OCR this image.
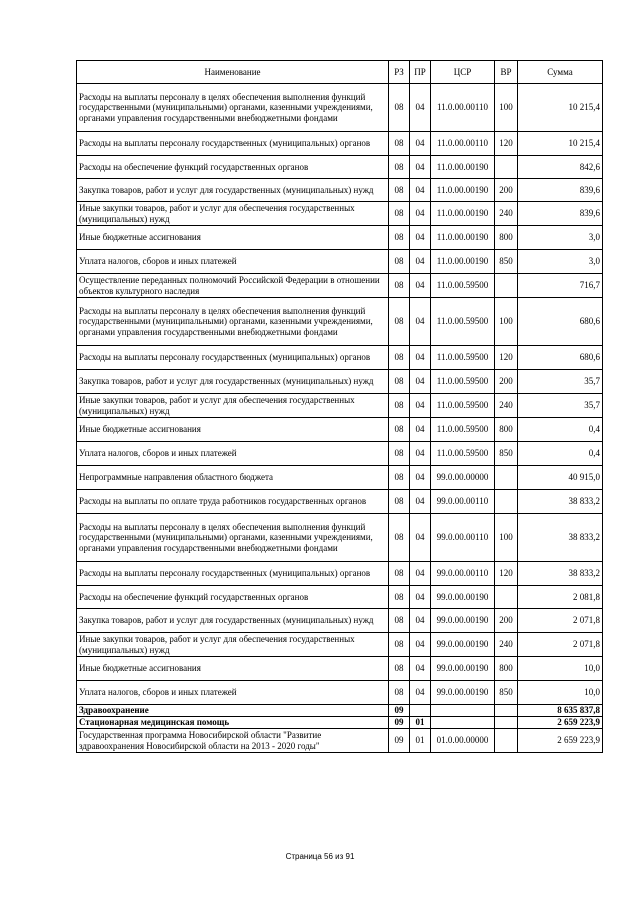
Наименование	РЗ	ПР	ЦСР	ВР	Сумма
Расходы на выплаты персоналу в целях обеспечения выполнения функций государственными (муниципальными) органами, казенными учреждениями, органами управления государственными внебюджетными фондами	08	04	11.0.00.00110	100	10 215,4
Расходы на выплаты персоналу государственных (муниципальных) органов	08	04	11.0.00.00110	120	10 215,4
Расходы на обеспечение функций государственных органов	08	04	11.0.00.00190		842,6
Закупка товаров, работ и услуг для государственных (муниципальных) нужд	08	04	11.0.00.00190	200	839,6
Иные закупки товаров, работ и услуг для обеспечения государственных (муниципальных) нужд	08	04	11.0.00.00190	240	839,6
Иные бюджетные ассигнования	08	04	11.0.00.00190	800	3,0
Уплата налогов, сборов и иных платежей	08	04	11.0.00.00190	850	3,0
Осуществление переданных полномочий Российской Федерации в отношении объектов культурного наследия	08	04	11.0.00.59500		716,7
Расходы на выплаты персоналу в целях обеспечения выполнения функций государственными (муниципальными) органами, казенными учреждениями, органами управления государственными внебюджетными фондами	08	04	11.0.00.59500	100	680,6
Расходы на выплаты персоналу государственных (муниципальных) органов	08	04	11.0.00.59500	120	680,6
Закупка товаров, работ и услуг для государственных (муниципальных) нужд	08	04	11.0.00.59500	200	35,7
Иные закупки товаров, работ и услуг для обеспечения государственных (муниципальных) нужд	08	04	11.0.00.59500	240	35,7
Иные бюджетные ассигнования	08	04	11.0.00.59500	800	0,4
Уплата налогов, сборов и иных платежей	08	04	11.0.00.59500	850	0,4
Непрограммные направления областного бюджета	08	04	99.0.00.00000		40 915,0
Расходы на выплаты по оплате труда работников государственных органов	08	04	99.0.00.00110		38 833,2
Расходы на выплаты персоналу в целях обеспечения выполнения функций государственными (муниципальными) органами, казенными учреждениями, органами управления государственными внебюджетными фондами	08	04	99.0.00.00110	100	38 833,2
Расходы на выплаты персоналу государственных (муниципальных) органов	08	04	99.0.00.00110	120	38 833,2
Расходы на обеспечение функций государственных органов	08	04	99.0.00.00190		2 081,8
Закупка товаров, работ и услуг для государственных (муниципальных) нужд	08	04	99.0.00.00190	200	2 071,8
Иные закупки товаров, работ и услуг для обеспечения государственных (муниципальных) нужд	08	04	99.0.00.00190	240	2 071,8
Иные бюджетные ассигнования	08	04	99.0.00.00190	800	10,0
Уплата налогов, сборов и иных платежей	08	04	99.0.00.00190	850	10,0
Здравоохранение	09				8 635 837,8
Стационарная медицинская помощь	09	01			2 659 223,9
Государственная программа Новосибирской области "Развитие здравоохранения Новосибирской области на 2013 - 2020 годы"	09	01	01.0.00.00000		2 659 223,9
Страница 56 из 91
